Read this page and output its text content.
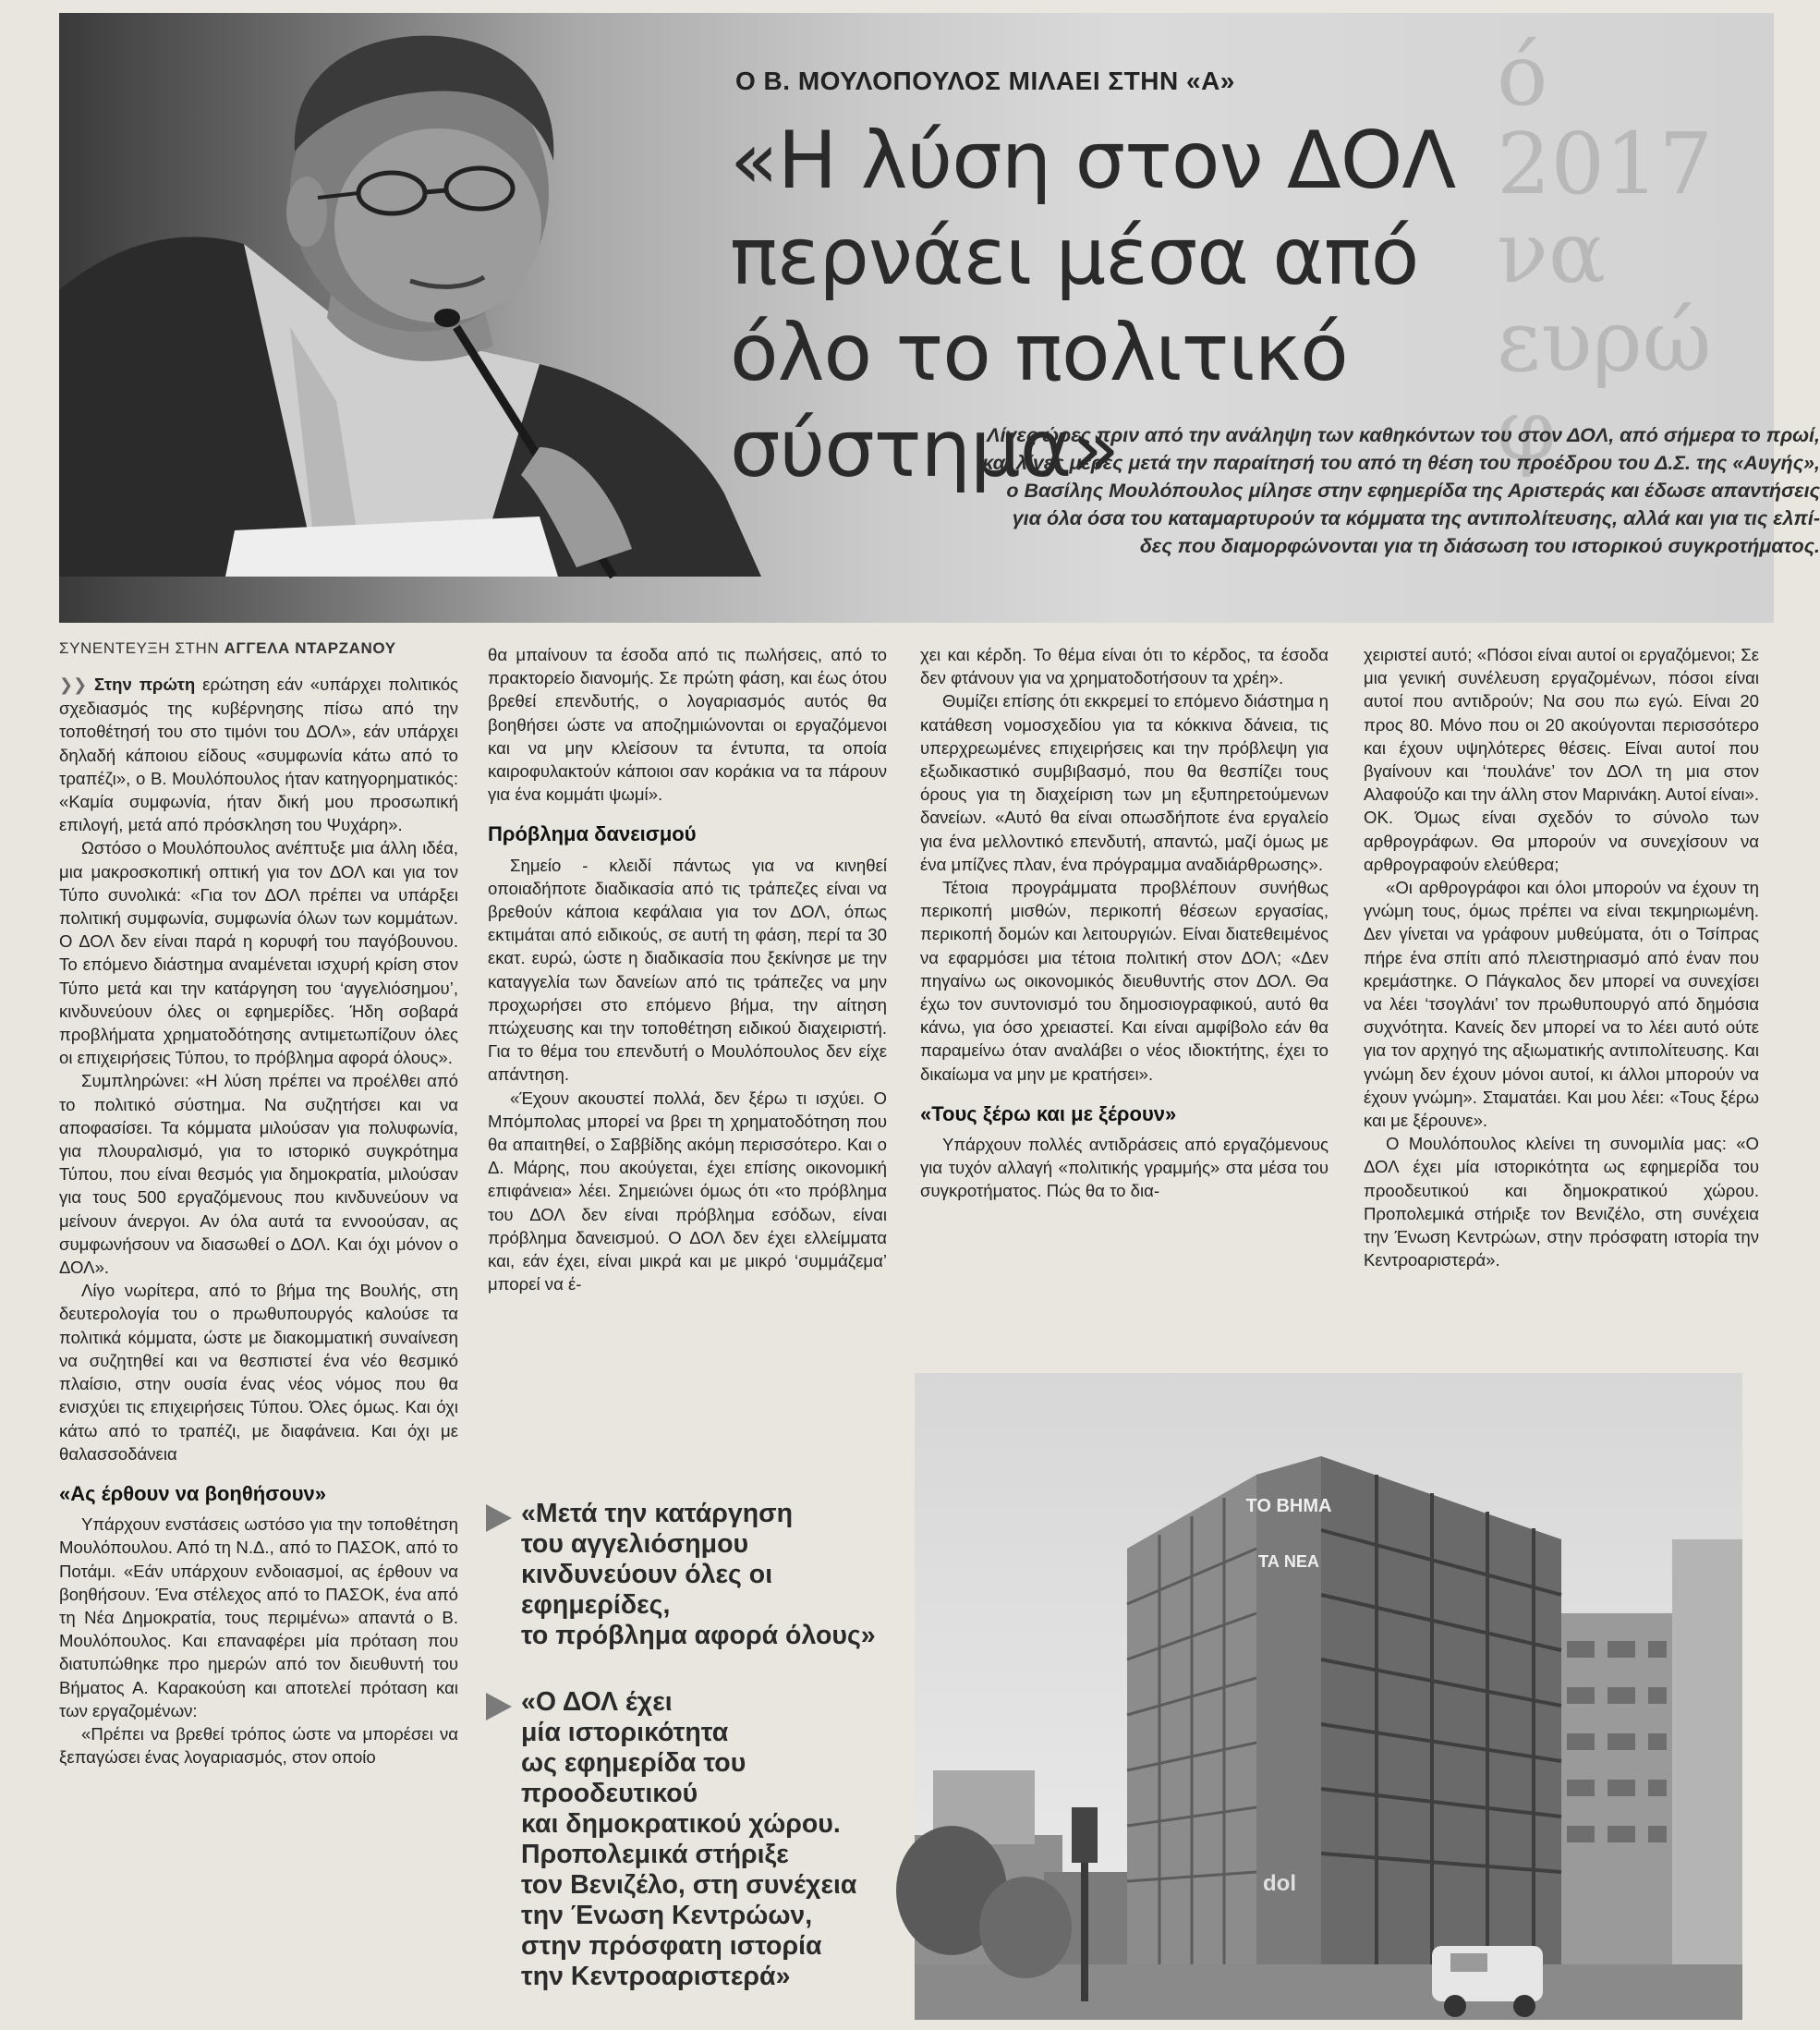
ό 2017
να ευρώ φ
Ο Β. ΜΟΥΛΟΠΟΥΛΟΣ ΜΙΛΑΕΙ ΣΤΗΝ «Α»
«Η λύση στον ΔΟΛ
περνάει μέσα από
όλο το πολιτικό σύστημα»
Λίγες ώρες πριν από την ανάληψη των καθηκόντων του στον ΔΟΛ, από σήμερα το πρωί,
και λίγες μέρες μετά την παραίτησή του από τη θέση του προέδρου του Δ.Σ. της «Αυγής»,
ο Βασίλης Μουλόπουλος μίλησε στην εφημερίδα της Αριστεράς και έδωσε απαντήσεις
για όλα όσα του καταμαρτυρούν τα κόμματα της αντιπολίτευσης, αλλά και για τις ελπί-
δες που διαμορφώνονται για τη διάσωση του ιστορικού συγκροτήματος.
ΣΥΝΕΝΤΕΥΞΗ ΣΤΗΝ ΑΓΓΕΛΑ ΝΤΑΡΖΑΝΟΥ

❯❯ Στην πρώτη ερώτηση εάν «υπάρχει πολιτικός σχεδιασμός της κυβέρνησης πίσω από την τοποθέτησή του στο τιμόνι του ΔΟΛ», εάν υπάρχει δηλαδή κάποιου είδους «συμφωνία κάτω από το τραπέζι», ο Β. Μουλόπουλος ήταν κατηγορηματικός: «Καμία συμφωνία, ήταν δική μου προσωπική επιλογή, μετά από πρόσκληση του Ψυχάρη».

Ωστόσο ο Μουλόπουλος ανέπτυξε μια άλλη ιδέα, μια μακροσκοπική οπτική για τον ΔΟΛ και για τον Τύπο συνολικά: «Για τον ΔΟΛ πρέπει να υπάρξει πολιτική συμφωνία, συμφωνία όλων των κομμάτων. Ο ΔΟΛ δεν είναι παρά η κορυφή του παγόβουνου. Το επόμενο διάστημα αναμένεται ισχυρή κρίση στον Τύπο μετά και την κατάργηση του ‘αγγελιόσημου’, κινδυνεύουν όλες οι εφημερίδες. Ήδη σοβαρά προβλήματα χρηματοδότησης αντιμετωπίζουν όλες οι επιχειρήσεις Τύπου, το πρόβλημα αφορά όλους».

Συμπληρώνει: «Η λύση πρέπει να προέλθει από το πολιτικό σύστημα. Να συζητήσει και να αποφασίσει. Τα κόμματα μιλούσαν για πολυφωνία, για πλουραλισμό, για το ιστορικό συγκρότημα Τύπου, που είναι θεσμός για δημοκρατία, μιλούσαν για τους 500 εργαζόμενους που κινδυνεύουν να μείνουν άνεργοι. Αν όλα αυτά τα εννοούσαν, ας συμφωνήσουν να διασωθεί ο ΔΟΛ. Και όχι μόνον ο ΔΟΛ».

Λίγο νωρίτερα, από το βήμα της Βουλής, στη δευτερολογία του ο πρωθυπουργός καλούσε τα πολιτικά κόμματα, ώστε με διακομματική συναίνεση να συζητηθεί και να θεσπιστεί ένα νέο θεσμικό πλαίσιο, στην ουσία ένας νέος νόμος που θα ενισχύει τις επιχειρήσεις Τύπου. Όλες όμως. Και όχι κάτω από το τραπέζι, με διαφάνεια. Και όχι με θαλασσοδάνεια

«Ας έρθουν να βοηθήσουν»

Υπάρχουν ενστάσεις ωστόσο για την τοποθέτηση Μουλόπουλου. Από τη Ν.Δ., από το ΠΑΣΟΚ, από το Ποτάμι. «Εάν υπάρχουν ενδοιασμοί, ας έρθουν να βοηθήσουν. Ένα στέλεχος από το ΠΑΣΟΚ, ένα από τη Νέα Δημοκρατία, τους περιμένω» απαντά ο Β. Μουλόπουλος. Και επαναφέρει μία πρόταση που διατυπώθηκε προ ημερών από τον διευθυντή του Βήματος Α. Καρακούση και αποτελεί πρόταση και των εργαζομένων:

«Πρέπει να βρεθεί τρόπος ώστε να μπορέσει να ξεπαγώσει ένας λογαριασμός, στον οποίο

θα μπαίνουν τα έσοδα από τις πωλήσεις, από το πρακτορείο διανομής. Σε πρώτη φάση, και έως ότου βρεθεί επενδυτής, ο λογαριασμός αυτός θα βοηθήσει ώστε να αποζημιώνονται οι εργαζόμενοι και να μην κλείσουν τα έντυπα, τα οποία καιροφυλακτούν κάποιοι σαν κοράκια να τα πάρουν για ένα κομμάτι ψωμί».

Πρόβλημα δανεισμού

Σημείο - κλειδί πάντως για να κινηθεί οποιαδήποτε διαδικασία από τις τράπεζες είναι να βρεθούν κάποια κεφάλαια για τον ΔΟΛ, όπως εκτιμάται από ειδικούς, σε αυτή τη φάση, περί τα 30 εκατ. ευρώ, ώστε η διαδικασία που ξεκίνησε με την καταγγελία των δανείων από τις τράπεζες να μην προχωρήσει στο επόμενο βήμα, την αίτηση πτώχευσης και την τοποθέτηση ειδικού διαχειριστή. Για το θέμα του επενδυτή ο Μουλόπουλος δεν είχε απάντηση.

«Έχουν ακουστεί πολλά, δεν ξέρω τι ισχύει. Ο Μπόμπολας μπορεί να βρει τη χρηματοδότηση που θα απαιτηθεί, ο Σαββίδης ακόμη περισσότερο. Και ο Δ. Μάρης, που ακούγεται, έχει επίσης οικονομική επιφάνεια» λέει. Σημειώνει όμως ότι «το πρόβλημα του ΔΟΛ δεν είναι πρόβλημα εσόδων, είναι πρόβλημα δανεισμού. Ο ΔΟΛ δεν έχει ελλείμματα και, εάν έχει, είναι μικρά και με μικρό ‘συμμάζεμα’ μπορεί να έ-

χει και κέρδη. Το θέμα είναι ότι το κέρδος, τα έσοδα δεν φτάνουν για να χρηματοδοτήσουν τα χρέη».

Θυμίζει επίσης ότι εκκρεμεί το επόμενο διάστημα η κατάθεση νομοσχεδίου για τα κόκκινα δάνεια, τις υπερχρεωμένες επιχειρήσεις και την πρόβλεψη για εξωδικαστικό συμβιβασμό, που θα θεσπίζει τους όρους για τη διαχείριση των μη εξυπηρετούμενων δανείων. «Αυτό θα είναι οπωσδήποτε ένα εργαλείο για ένα μελλοντικό επενδυτή, απαντώ, μαζί όμως με ένα μπίζνες πλαν, ένα πρόγραμμα αναδιάρθρωσης».

Τέτοια προγράμματα προβλέπουν συνήθως περικοπή μισθών, περικοπή θέσεων εργασίας, περικοπή δομών και λειτουργιών. Είναι διατεθειμένος να εφαρμόσει μια τέτοια πολιτική στον ΔΟΛ; «Δεν πηγαίνω ως οικονομικός διευθυντής στον ΔΟΛ. Θα έχω τον συντονισμό του δημοσιογραφικού, αυτό θα κάνω, για όσο χρειαστεί. Και είναι αμφίβολο εάν θα παραμείνω όταν αναλάβει ο νέος ιδιοκτήτης, έχει το δικαίωμα να μην με κρατήσει».

«Τους ξέρω και με ξέρουν»

Υπάρχουν πολλές αντιδράσεις από εργαζόμενους για τυχόν αλλαγή «πολιτικής γραμμής» στα μέσα του συγκροτήματος. Πώς θα το δια-

χειριστεί αυτό; «Πόσοι είναι αυτοί οι εργαζόμενοι; Σε μια γενική συνέλευση εργαζομένων, πόσοι είναι αυτοί που αντιδρούν; Να σου πω εγώ. Είναι 20 προς 80. Μόνο που οι 20 ακούγονται περισσότερο και έχουν υψηλότερες θέσεις. Είναι αυτοί που βγαίνουν και ‘πουλάνε’ τον ΔΟΛ τη μια στον Αλαφούζο και την άλλη στον Μαρινάκη. Αυτοί είναι». ΟΚ. Όμως είναι σχεδόν το σύνολο των αρθρογράφων. Θα μπορούν να συνεχίσουν να αρθρογραφούν ελεύθερα;

«Οι αρθρογράφοι και όλοι μπορούν να έχουν τη γνώμη τους, όμως πρέπει να είναι τεκμηριωμένη. Δεν γίνεται να γράφουν μυθεύματα, ότι ο Τσίπρας πήρε ένα σπίτι από πλειστηριασμό από έναν που κρεμάστηκε. Ο Πάγκαλος δεν μπορεί να συνεχίσει να λέει ‘τσογλάνι’ τον πρωθυπουργό από δημόσια συχνότητα. Κανείς δεν μπορεί να το λέει αυτό ούτε για τον αρχηγό της αξιωματικής αντιπολίτευσης. Και γνώμη δεν έχουν μόνοι αυτοί, κι άλλοι μπορούν να έχουν γνώμη». Σταματάει. Και μου λέει: «Τους ξέρω και με ξέρουνε».

Ο Μουλόπουλος κλείνει τη συνομιλία μας: «Ο ΔΟΛ έχει μία ιστορικότητα ως εφημερίδα του προοδευτικού και δημοκρατικού χώρου. Προπολεμικά στήριξε τον Βενιζέλο, στη συνέχεια την Ένωση Κεντρώων, στην πρόσφατη ιστορία την Κεντροαριστερά».

«Μετά την κατάργηση
του αγγελιόσημου
κινδυνεύουν όλες οι εφημερίδες,
το πρόβλημα αφορά όλους»
«Ο ΔΟΛ έχει
μία ιστορικότητα
ως εφημερίδα του προοδευτικού
και δημοκρατικού χώρου.
Προπολεμικά στήριξε
τον Βενιζέλο, στη συνέχεια
την Ένωση Κεντρώων,
στην πρόσφατη ιστορία
την Κεντροαριστερά»
ΤΟ ΒΗΜΑ
ΤΑ ΝΕΑ
dol
